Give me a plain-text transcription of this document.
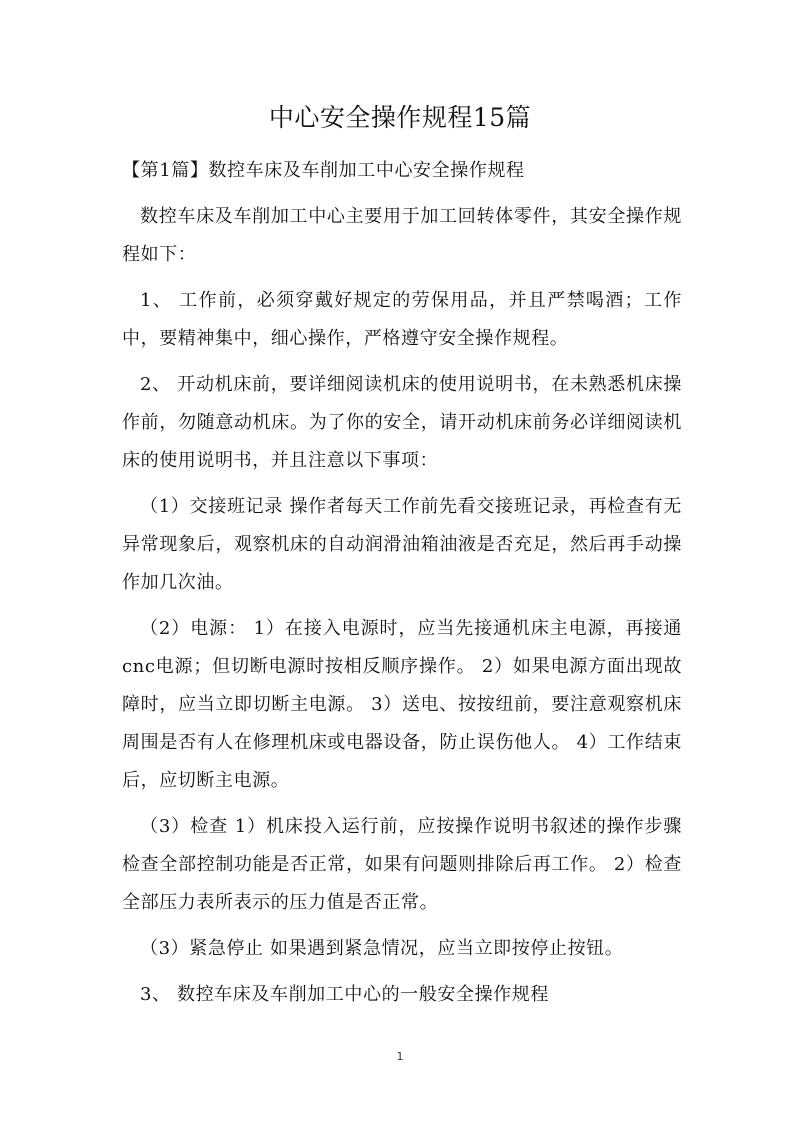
中心安全操作规程15篇

【第1篇】数控车床及车削加工中心安全操作规程

数控车床及车削加工中心主要用于加工回转体零件，其安全操作规程如下：

1、 工作前，必须穿戴好规定的劳保用品，并且严禁喝酒；工作中，要精神集中，细心操作，严格遵守安全操作规程。

2、 开动机床前，要详细阅读机床的使用说明书，在未熟悉机床操作前，勿随意动机床。为了你的安全，请开动机床前务必详细阅读机床的使用说明书，并且注意以下事项：

（1）交接班记录 操作者每天工作前先看交接班记录，再检查有无异常现象后，观察机床的自动润滑油箱油液是否充足，然后再手动操作加几次油。

（2）电源： 1）在接入电源时，应当先接通机床主电源，再接通cnc电源；但切断电源时按相反顺序操作。 2）如果电源方面出现故障时，应当立即切断主电源。 3）送电、按按纽前，要注意观察机床周围是否有人在修理机床或电器设备，防止误伤他人。 4）工作结束后，应切断主电源。

（3）检查 1）机床投入运行前，应按操作说明书叙述的操作步骤检查全部控制功能是否正常，如果有问题则排除后再工作。 2）检查全部压力表所表示的压力值是否正常。

（3）紧急停止 如果遇到紧急情况，应当立即按停止按钮。

3、 数控车床及车削加工中心的一般安全操作规程

1
